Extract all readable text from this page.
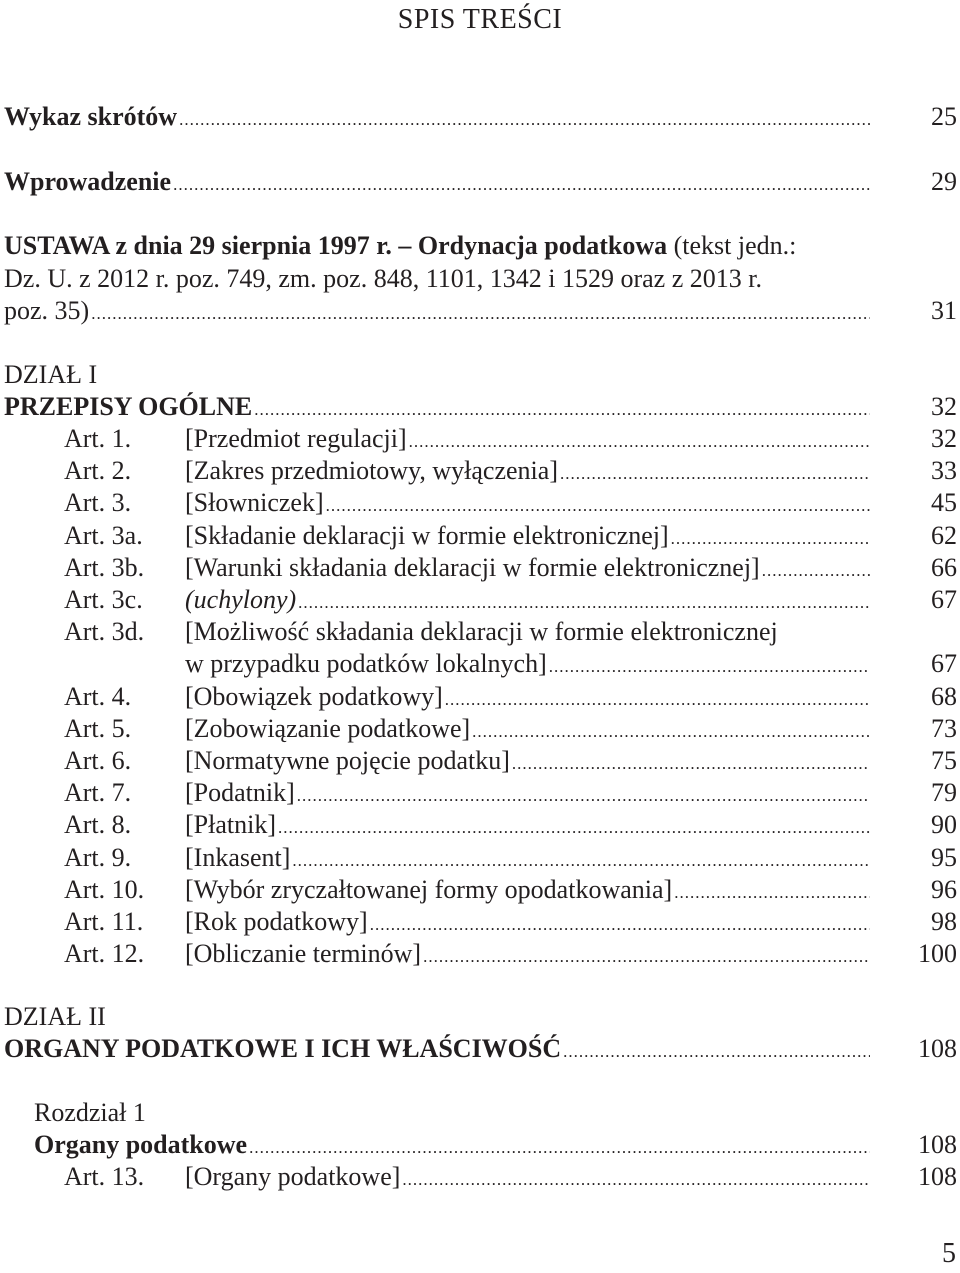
SPIS TREŚCI
Wykaz skrótów .....	25
Wprowadzenie .....	29
USTAWA z dnia 29 sierpnia 1997 r. – Ordynacja podatkowa (tekst jedn.:
Dz. U. z 2012 r. poz. 749, zm. poz. 848, 1101, 1342 i 1529 oraz z 2013 r.
poz. 35) .....	31
DZIAŁ I
PRZEPISY OGÓLNE .....	32
Art. 1. [Przedmiot regulacji] .....	32
Art. 2. [Zakres przedmiotowy, wyłączenia] .....	33
Art. 3. [Słowniczek] .....	45
Art. 3a. [Składanie deklaracji w formie elektronicznej] .....	62
Art. 3b. [Warunki składania deklaracji w formie elektronicznej] .....	66
Art. 3c. (uchylony) .....	67
Art. 3d. [Możliwość składania deklaracji w formie elektronicznej
w przypadku podatków lokalnych] .....	67
Art. 4. [Obowiązek podatkowy] .....	68
Art. 5. [Zobowiązanie podatkowe] .....	73
Art. 6. [Normatywne pojęcie podatku] .....	75
Art. 7. [Podatnik] .....	79
Art. 8. [Płatnik] .....	90
Art. 9. [Inkasent] .....	95
Art. 10. [Wybór zryczałtowanej formy opodatkowania] .....	96
Art. 11. [Rok podatkowy] .....	98
Art. 12. [Obliczanie terminów] .....	100
DZIAŁ II
ORGANY PODATKOWE I ICH WŁAŚCIWOŚĆ .....	108
Rozdział 1
Organy podatkowe .....	108
Art. 13. [Organy podatkowe] .....	108
5
